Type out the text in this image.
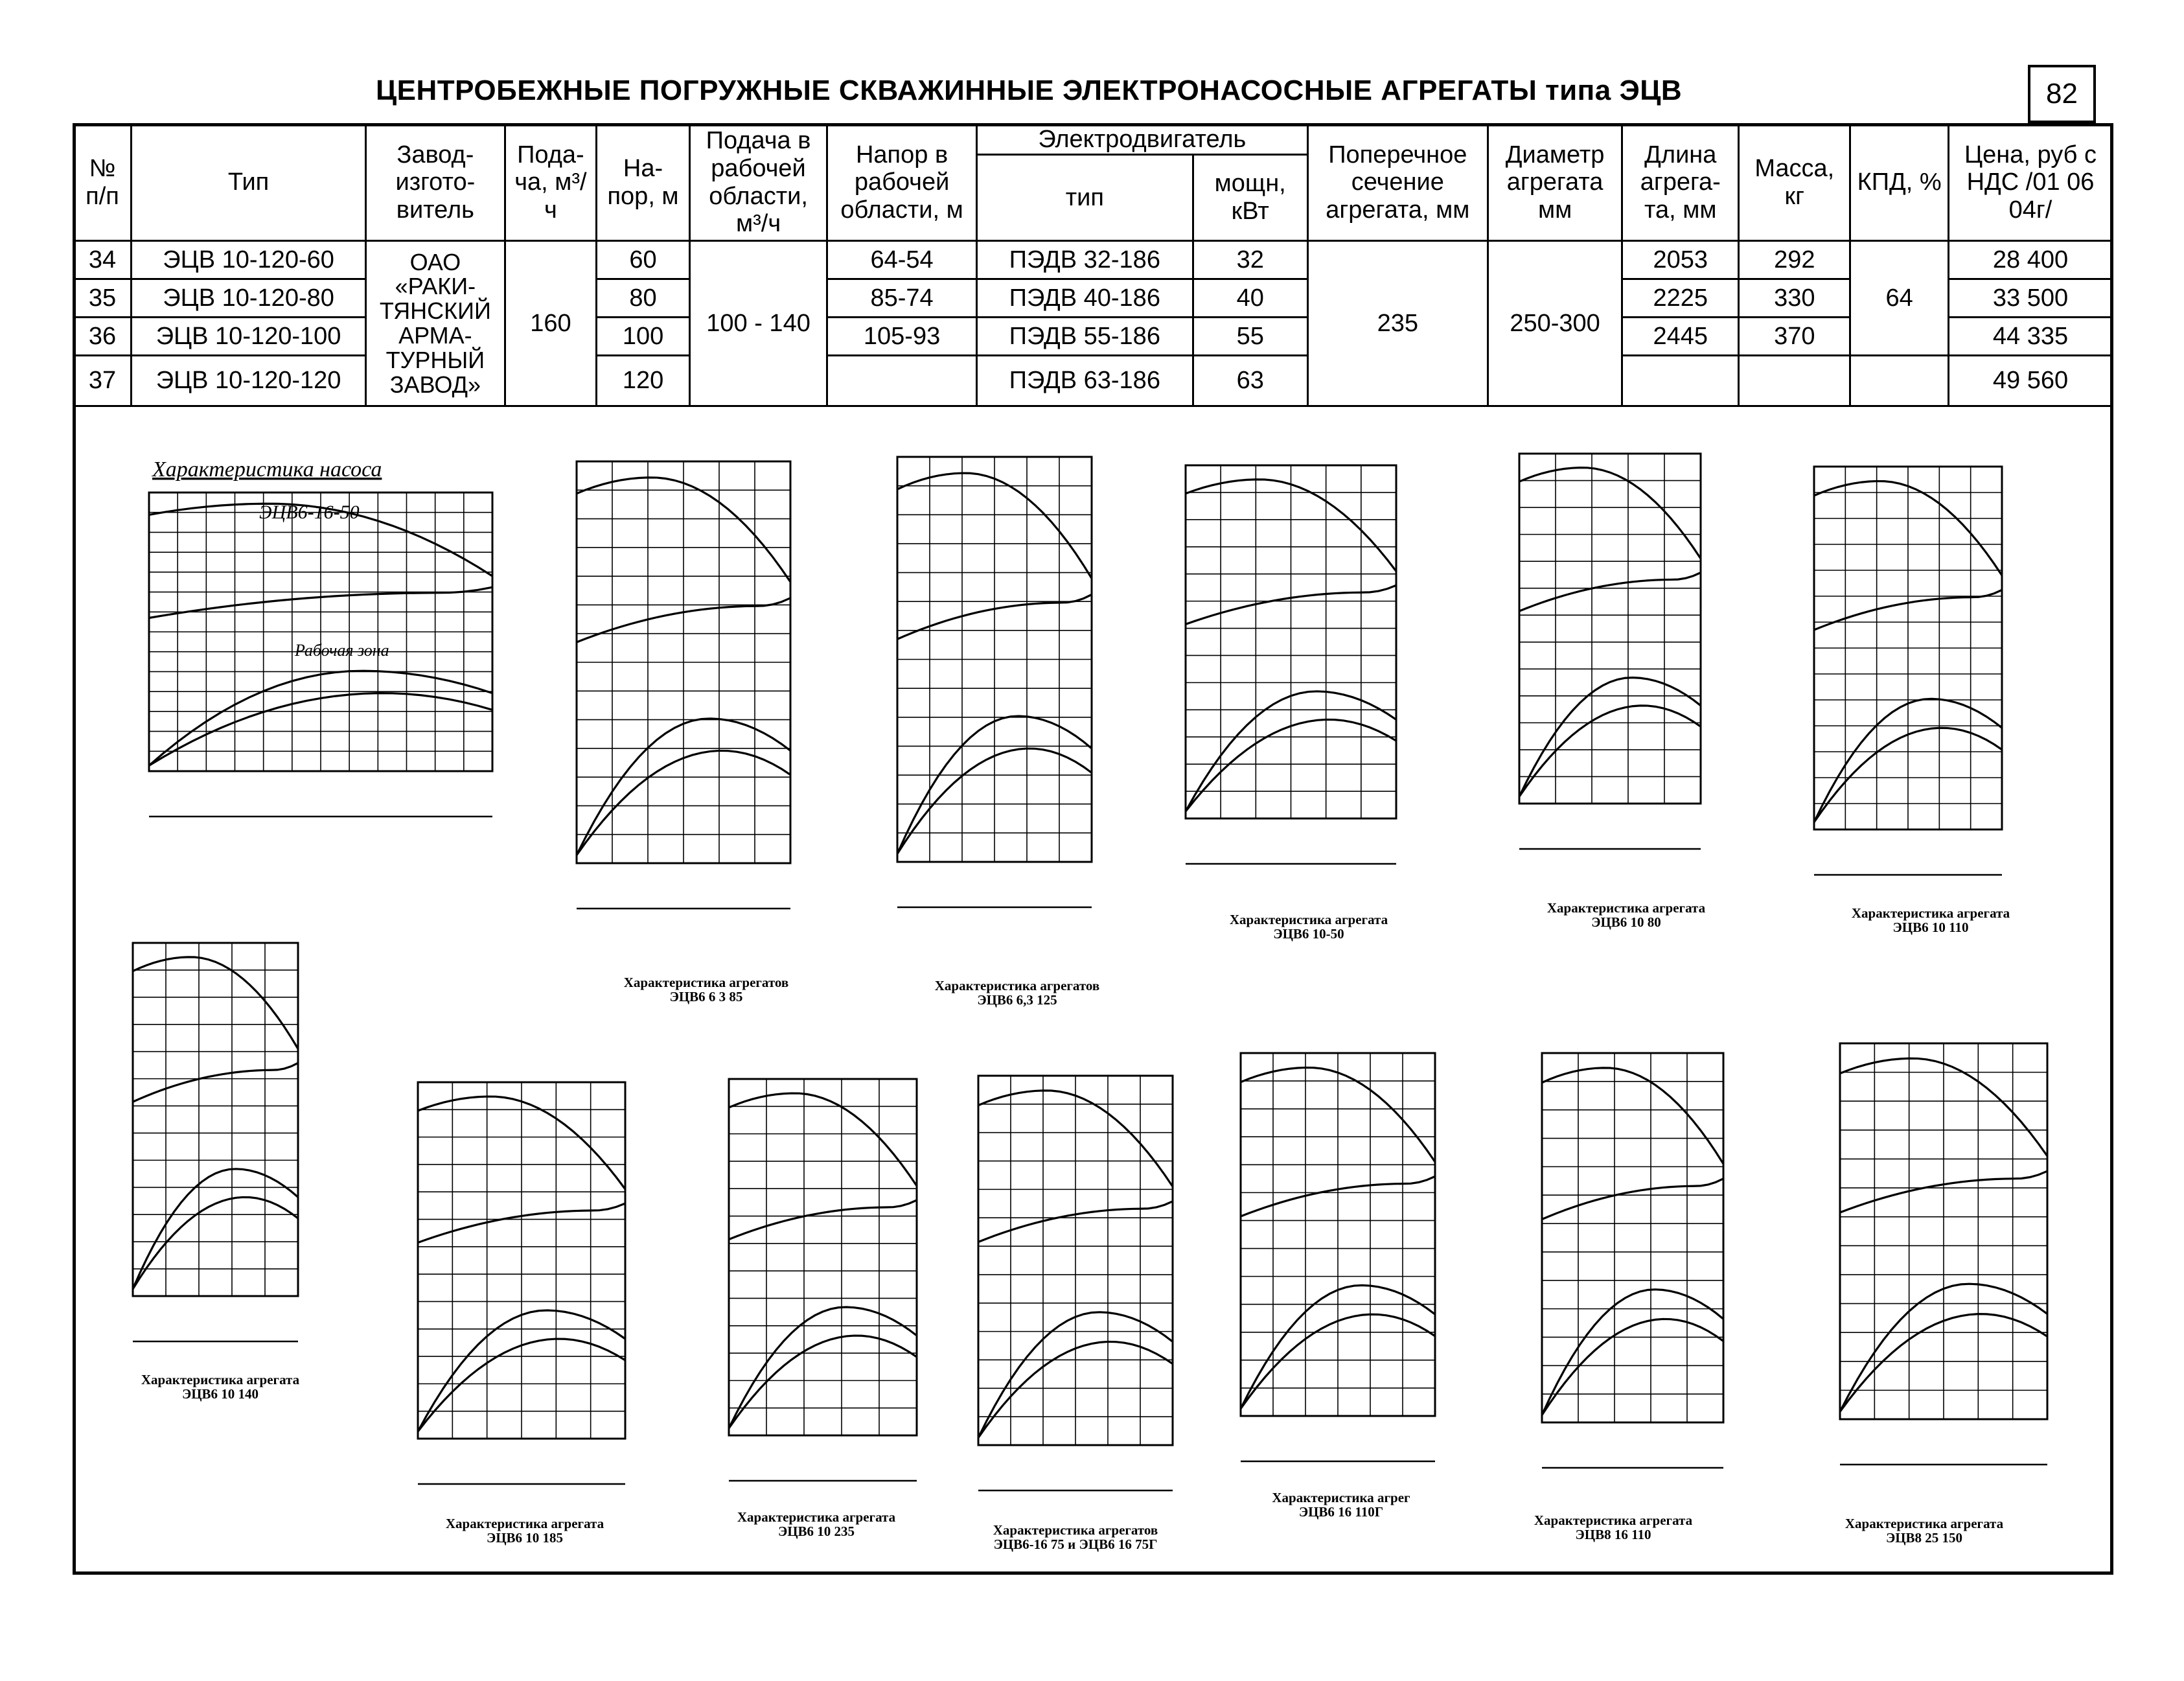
ЦЕНТРОБЕЖНЫЕ ПОГРУЖНЫЕ СКВАЖИННЫЕ ЭЛЕКТРОНАСОСНЫЕ АГРЕГАТЫ типа ЭЦВ	82
№ п/п	Тип	Завод-изгото-витель	Пода-ча, м³/ч	На-пор, м	Подача в рабочей области, м³/ч	Напор в рабочей области, м	Электродвигатель		Поперечное сечение агрегата, мм	Диаметр агрегата мм	Длина агрега-та, мм	Масса, кг	КПД, %	Цена, руб с НДС /01 06 04г/
							тип	мощн, кВт						
34	ЭЦВ 10-120-60	ОАО «РАКИ-ТЯНСКИЙ АРМА-ТУРНЫЙ ЗАВОД»	160	60	100 - 140	64-54	ПЭДВ 32-186	32	235	250-300	2053	292	64	28 400
35	ЭЦВ 10-120-80			80		85-74	ПЭДВ 40-186	40			2225	330		33 500
36	ЭЦВ 10-120-100			100		105-93	ПЭДВ 55-186	55			2445	370		44 335
37	ЭЦВ 10-120-120			120			ПЭДВ 63-186	63						49 560
Характеристика насоса
ЭЦВ6-16-50
Рабочая зона
Характеристика агрегатов
ЭЦВ6 6 3 85
Характеристика агрегатов
ЭЦВ6 6,3 125
Характеристика агрегата
ЭЦВ6 10-50
Характеристика агрегата
ЭЦВ6 10 80
Характеристика агрегата
ЭЦВ6 10 110
Характеристика агрегата
ЭЦВ6 10 140
Характеристика агрегата
ЭЦВ6 10 185
Характеристика агрегата
ЭЦВ6 10 235	Характеристика агрегатов
ЭЦВ6-16 75 и ЭЦВ6 16 75Г
Характеристика агрег
ЭЦВ6 16 110Г
Характеристика агрегата
ЭЦВ8 16 110
Характеристика агрегата
ЭЦВ8 25 150
